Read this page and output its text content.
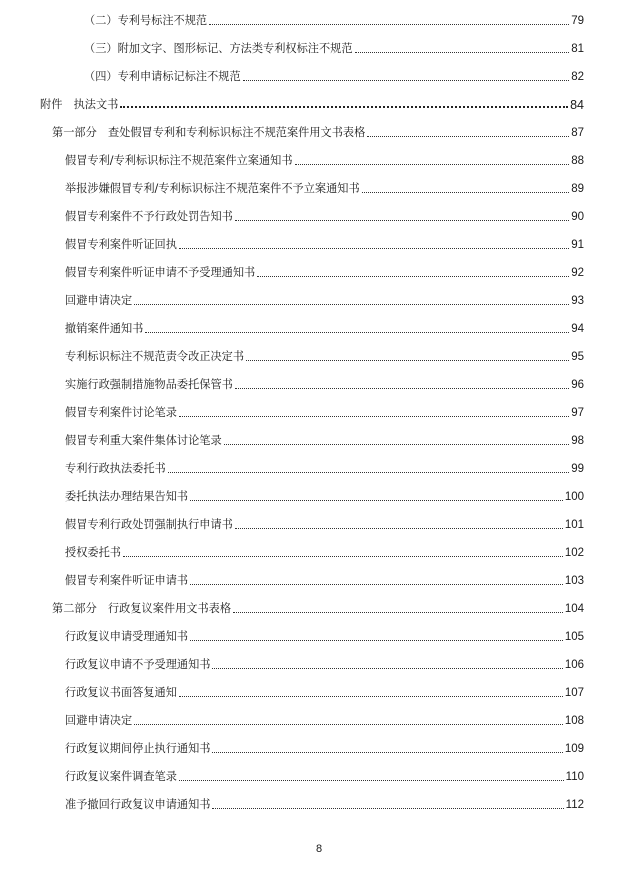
（二）专利号标注不规范	79
（三）附加文字、图形标记、方法类专利权标注不规范	81
（四）专利申请标记标注不规范	82
附件　执法文书	84
第一部分　查处假冒专利和专利标识标注不规范案件用文书表格	87
假冒专利/专利标识标注不规范案件立案通知书	88
举报涉嫌假冒专利/专利标识标注不规范案件不予立案通知书	89
假冒专利案件不予行政处罚告知书	90
假冒专利案件听证回执	91
假冒专利案件听证申请不予受理通知书	92
回避申请决定	93
撤销案件通知书	94
专利标识标注不规范责令改正决定书	95
实施行政强制措施物品委托保管书	96
假冒专利案件讨论笔录	97
假冒专利重大案件集体讨论笔录	98
专利行政执法委托书	99
委托执法办理结果告知书	100
假冒专利行政处罚强制执行申请书	101
授权委托书	102
假冒专利案件听证申请书	103
第二部分　行政复议案件用文书表格	104
行政复议申请受理通知书	105
行政复议申请不予受理通知书	106
行政复议书面答复通知	107
回避申请决定	108
行政复议期间停止执行通知书	109
行政复议案件调查笔录	110
准予撤回行政复议申请通知书	112
8
